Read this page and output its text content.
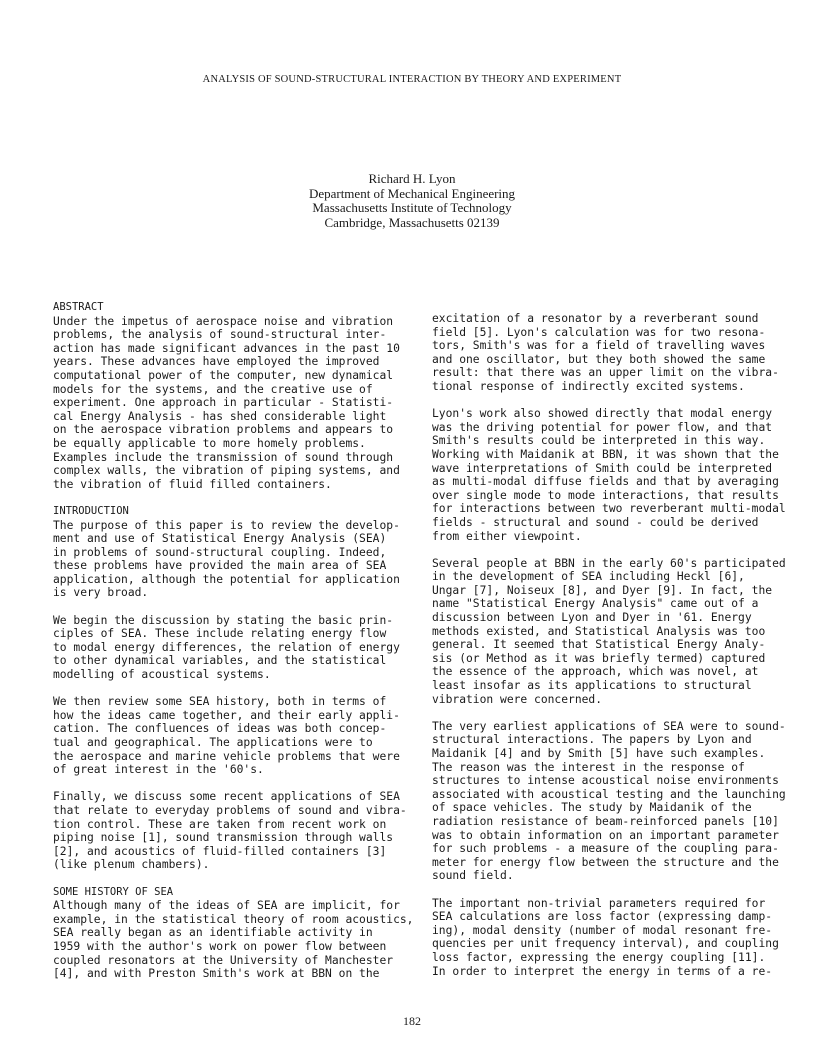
ANALYSIS OF SOUND-STRUCTURAL INTERACTION BY THEORY AND EXPERIMENT
Richard H. Lyon
Department of Mechanical Engineering
Massachusetts Institute of Technology
Cambridge, Massachusetts 02139
ABSTRACT
Under the impetus of aerospace noise and vibration
problems, the analysis of sound-structural inter-
action has made significant advances in the past 10
years. These advances have employed the improved
computational power of the computer, new dynamical
models for the systems, and the creative use of
experiment. One approach in particular - Statisti-
cal Energy Analysis - has shed considerable light
on the aerospace vibration problems and appears to
be equally applicable to more homely problems.
Examples include the transmission of sound through
complex walls, the vibration of piping systems, and
the vibration of fluid filled containers.
INTRODUCTION
The purpose of this paper is to review the develop-
ment and use of Statistical Energy Analysis (SEA)
in problems of sound-structural coupling. Indeed,
these problems have provided the main area of SEA
application, although the potential for application
is very broad.
We begin the discussion by stating the basic prin-
ciples of SEA. These include relating energy flow
to modal energy differences, the relation of energy
to other dynamical variables, and the statistical
modelling of acoustical systems.
We then review some SEA history, both in terms of
how the ideas came together, and their early appli-
cation. The confluences of ideas was both concep-
tual and geographical. The applications were to
the aerospace and marine vehicle problems that were
of great interest in the '60's.
Finally, we discuss some recent applications of SEA
that relate to everyday problems of sound and vibra-
tion control. These are taken from recent work on
piping noise [1], sound transmission through walls
[2], and acoustics of fluid-filled containers [3]
(like plenum chambers).
SOME HISTORY OF SEA
Although many of the ideas of SEA are implicit, for
example, in the statistical theory of room acoustics,
SEA really began as an identifiable activity in
1959 with the author's work on power flow between
coupled resonators at the University of Manchester
[4], and with Preston Smith's work at BBN on the
excitation of a resonator by a reverberant sound
field [5]. Lyon's calculation was for two resona-
tors, Smith's was for a field of travelling waves
and one oscillator, but they both showed the same
result: that there was an upper limit on the vibra-
tional response of indirectly excited systems.
Lyon's work also showed directly that modal energy
was the driving potential for power flow, and that
Smith's results could be interpreted in this way.
Working with Maidanik at BBN, it was shown that the
wave interpretations of Smith could be interpreted
as multi-modal diffuse fields and that by averaging
over single mode to mode interactions, that results
for interactions between two reverberant multi-modal
fields - structural and sound - could be derived
from either viewpoint.
Several people at BBN in the early 60's participated
in the development of SEA including Heckl [6],
Ungar [7], Noiseux [8], and Dyer [9]. In fact, the
name "Statistical Energy Analysis" came out of a
discussion between Lyon and Dyer in '61. Energy
methods existed, and Statistical Analysis was too
general. It seemed that Statistical Energy Analy-
sis (or Method as it was briefly termed) captured
the essence of the approach, which was novel, at
least insofar as its applications to structural
vibration were concerned.
The very earliest applications of SEA were to sound-
structural interactions. The papers by Lyon and
Maidanik [4] and by Smith [5] have such examples.
The reason was the interest in the response of
structures to intense acoustical noise environments
associated with acoustical testing and the launching
of space vehicles. The study by Maidanik of the
radiation resistance of beam-reinforced panels [10]
was to obtain information on an important parameter
for such problems - a measure of the coupling para-
meter for energy flow between the structure and the
sound field.
The important non-trivial parameters required for
SEA calculations are loss factor (expressing damp-
ing), modal density (number of modal resonant fre-
quencies per unit frequency interval), and coupling
loss factor, expressing the energy coupling [11].
In order to interpret the energy in terms of a re-
182
